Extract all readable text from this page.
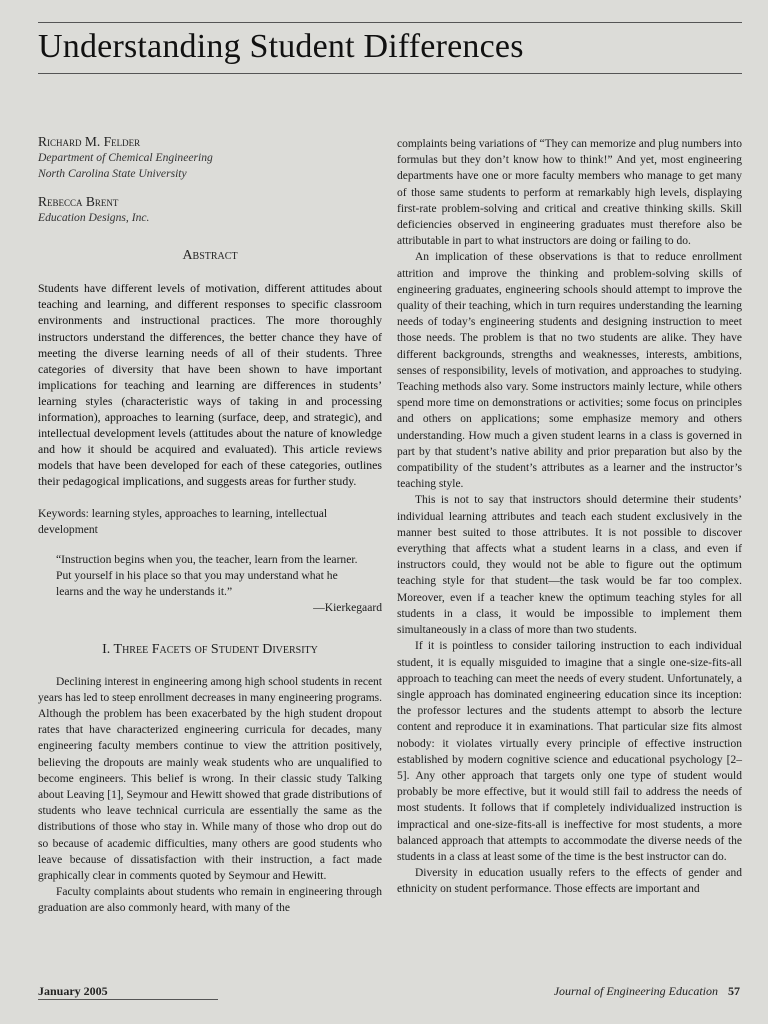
Understanding Student Differences

Richard M. Felder

Department of Chemical Engineering

North Carolina State University

Rebecca Brent

Education Designs, Inc.

Abstract

Students have different levels of motivation, different attitudes about teaching and learning, and different responses to specific classroom environments and instructional practices. The more thoroughly instructors understand the differences, the better chance they have of meeting the diverse learning needs of all of their students. Three categories of diversity that have been shown to have important implications for teaching and learning are differences in students’ learning styles (characteristic ways of taking in and processing information), approaches to learning (surface, deep, and strategic), and intellectual development levels (attitudes about the nature of knowledge and how it should be acquired and evaluated). This article reviews models that have been developed for each of these categories, outlines their pedagogical implications, and suggests areas for further study.

Keywords: learning styles, approaches to learning, intellectual development

“Instruction begins when you, the teacher, learn from the learner. Put yourself in his place so that you may understand what he learns and the way he understands it.”

—Kierkegaard

I. Three Facets of Student Diversity

Declining interest in engineering among high school students in recent years has led to steep enrollment decreases in many engineering programs. Although the problem has been exacerbated by the high student dropout rates that have characterized engineering curricula for decades, many engineering faculty members continue to view the attrition positively, believing the dropouts are mainly weak students who are unqualified to become engineers. This belief is wrong. In their classic study Talking about Leaving [1], Seymour and Hewitt showed that grade distributions of students who leave technical curricula are essentially the same as the distributions of those who stay in. While many of those who drop out do so because of academic difficulties, many others are good students who leave because of dissatisfaction with their instruction, a fact made graphically clear in comments quoted by Seymour and Hewitt.

Faculty complaints about students who remain in engineering through graduation are also commonly heard, with many of the

complaints being variations of “They can memorize and plug numbers into formulas but they don’t know how to think!” And yet, most engineering departments have one or more faculty members who manage to get many of those same students to perform at remarkably high levels, displaying first-rate problem-solving and critical and creative thinking skills. Skill deficiencies observed in engineering graduates must therefore also be attributable in part to what instructors are doing or failing to do.

An implication of these observations is that to reduce enrollment attrition and improve the thinking and problem-solving skills of engineering graduates, engineering schools should attempt to improve the quality of their teaching, which in turn requires understanding the learning needs of today’s engineering students and designing instruction to meet those needs. The problem is that no two students are alike. They have different backgrounds, strengths and weaknesses, interests, ambitions, senses of responsibility, levels of motivation, and approaches to studying. Teaching methods also vary. Some instructors mainly lecture, while others spend more time on demonstrations or activities; some focus on principles and others on applications; some emphasize memory and others understanding. How much a given student learns in a class is governed in part by that student’s native ability and prior preparation but also by the compatibility of the student’s attributes as a learner and the instructor’s teaching style.

This is not to say that instructors should determine their students’ individual learning attributes and teach each student exclusively in the manner best suited to those attributes. It is not possible to discover everything that affects what a student learns in a class, and even if instructors could, they would not be able to figure out the optimum teaching style for that student—the task would be far too complex. Moreover, even if a teacher knew the optimum teaching styles for all students in a class, it would be impossible to implement them simultaneously in a class of more than two students.

If it is pointless to consider tailoring instruction to each individual student, it is equally misguided to imagine that a single one-size-fits-all approach to teaching can meet the needs of every student. Unfortunately, a single approach has dominated engineering education since its inception: the professor lectures and the students attempt to absorb the lecture content and reproduce it in examinations. That particular size fits almost nobody: it violates virtually every principle of effective instruction established by modern cognitive science and educational psychology [2–5]. Any other approach that targets only one type of student would probably be more effective, but it would still fail to address the needs of most students. It follows that if completely individualized instruction is impractical and one-size-fits-all is ineffective for most students, a more balanced approach that attempts to accommodate the diverse needs of the students in a class at least some of the time is the best instructor can do.

Diversity in education usually refers to the effects of gender and ethnicity on student performance. Those effects are important and

January 2005	Journal of Engineering Education 57
